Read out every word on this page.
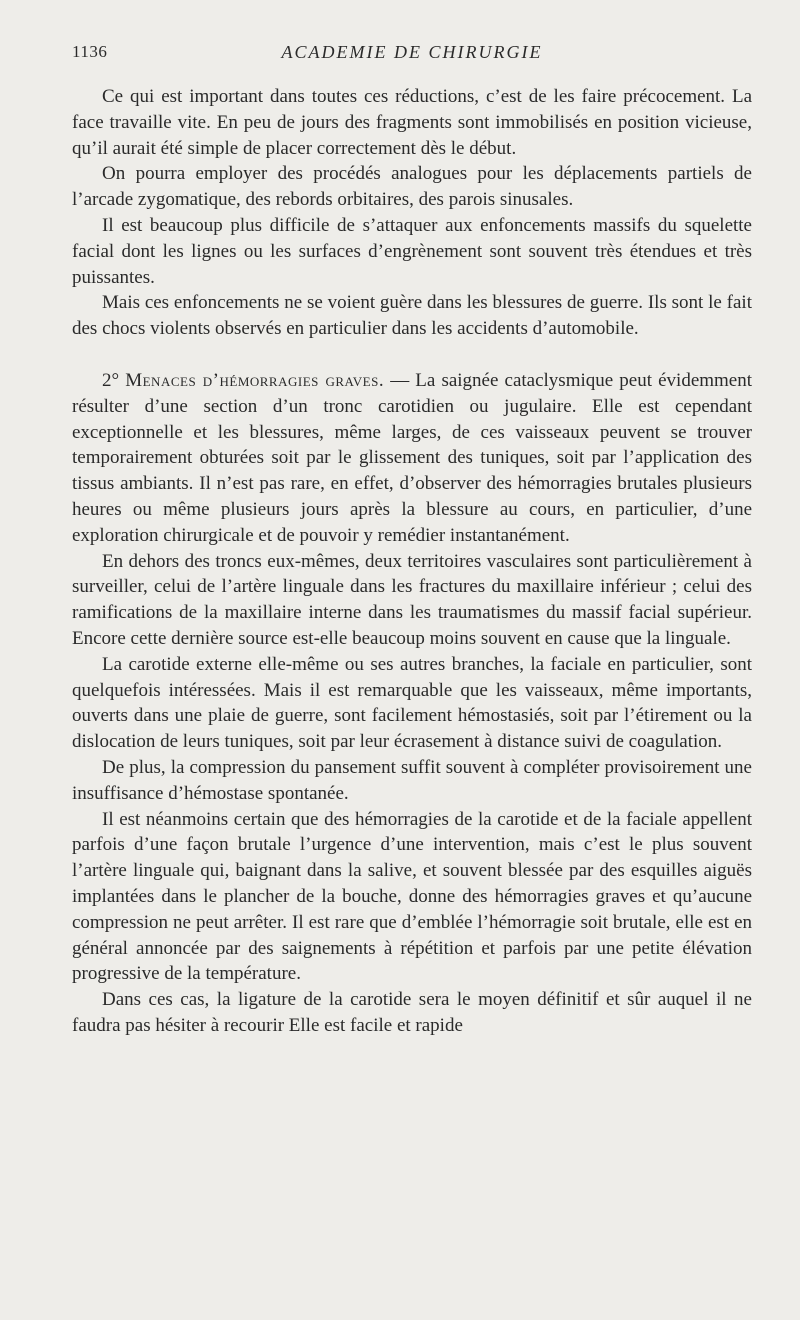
1136	ACADEMIE DE CHIRURGIE

Ce qui est important dans toutes ces réductions, c’est de les faire précocement. La face travaille vite. En peu de jours des fragments sont immobilisés en position vicieuse, qu’il aurait été simple de placer correctement dès le début.

On pourra employer des procédés analogues pour les déplacements partiels de l’arcade zygomatique, des rebords orbitaires, des parois sinusales.

Il est beaucoup plus difficile de s’attaquer aux enfoncements massifs du squelette facial dont les lignes ou les surfaces d’engrènement sont souvent très étendues et très puissantes.

Mais ces enfoncements ne se voient guère dans les blessures de guerre. Ils sont le fait des chocs violents observés en particulier dans les accidents d’automobile.

2° Menaces d’hémorragies graves. — La saignée cataclysmique peut évidemment résulter d’une section d’un tronc carotidien ou jugulaire. Elle est cependant exceptionnelle et les blessures, même larges, de ces vaisseaux peuvent se trouver temporairement obturées soit par le glissement des tuniques, soit par l’application des tissus ambiants. Il n’est pas rare, en effet, d’observer des hémorragies brutales plusieurs heures ou même plusieurs jours après la blessure au cours, en particulier, d’une exploration chirurgicale et de pouvoir y remédier instantanément.

En dehors des troncs eux-mêmes, deux territoires vasculaires sont particulièrement à surveiller, celui de l’artère linguale dans les fractures du maxillaire inférieur ; celui des ramifications de la maxillaire interne dans les traumatismes du massif facial supérieur. Encore cette dernière source est-elle beaucoup moins souvent en cause que la linguale.

La carotide externe elle-même ou ses autres branches, la faciale en particulier, sont quelquefois intéressées. Mais il est remarquable que les vaisseaux, même importants, ouverts dans une plaie de guerre, sont facilement hémostasiés, soit par l’étirement ou la dislocation de leurs tuniques, soit par leur écrasement à distance suivi de coagulation.

De plus, la compression du pansement suffit souvent à compléter provisoirement une insuffisance d’hémostase spontanée.

Il est néanmoins certain que des hémorragies de la carotide et de la faciale appellent parfois d’une façon brutale l’urgence d’une intervention, mais c’est le plus souvent l’artère linguale qui, baignant dans la salive, et souvent blessée par des esquilles aiguës implantées dans le plancher de la bouche, donne des hémorragies graves et qu’aucune compression ne peut arrêter. Il est rare que d’emblée l’hémorragie soit brutale, elle est en général annoncée par des saignements à répétition et parfois par une petite élévation progressive de la température.

Dans ces cas, la ligature de la carotide sera le moyen définitif et sûr auquel il ne faudra pas hésiter à recourir Elle est facile et rapide
